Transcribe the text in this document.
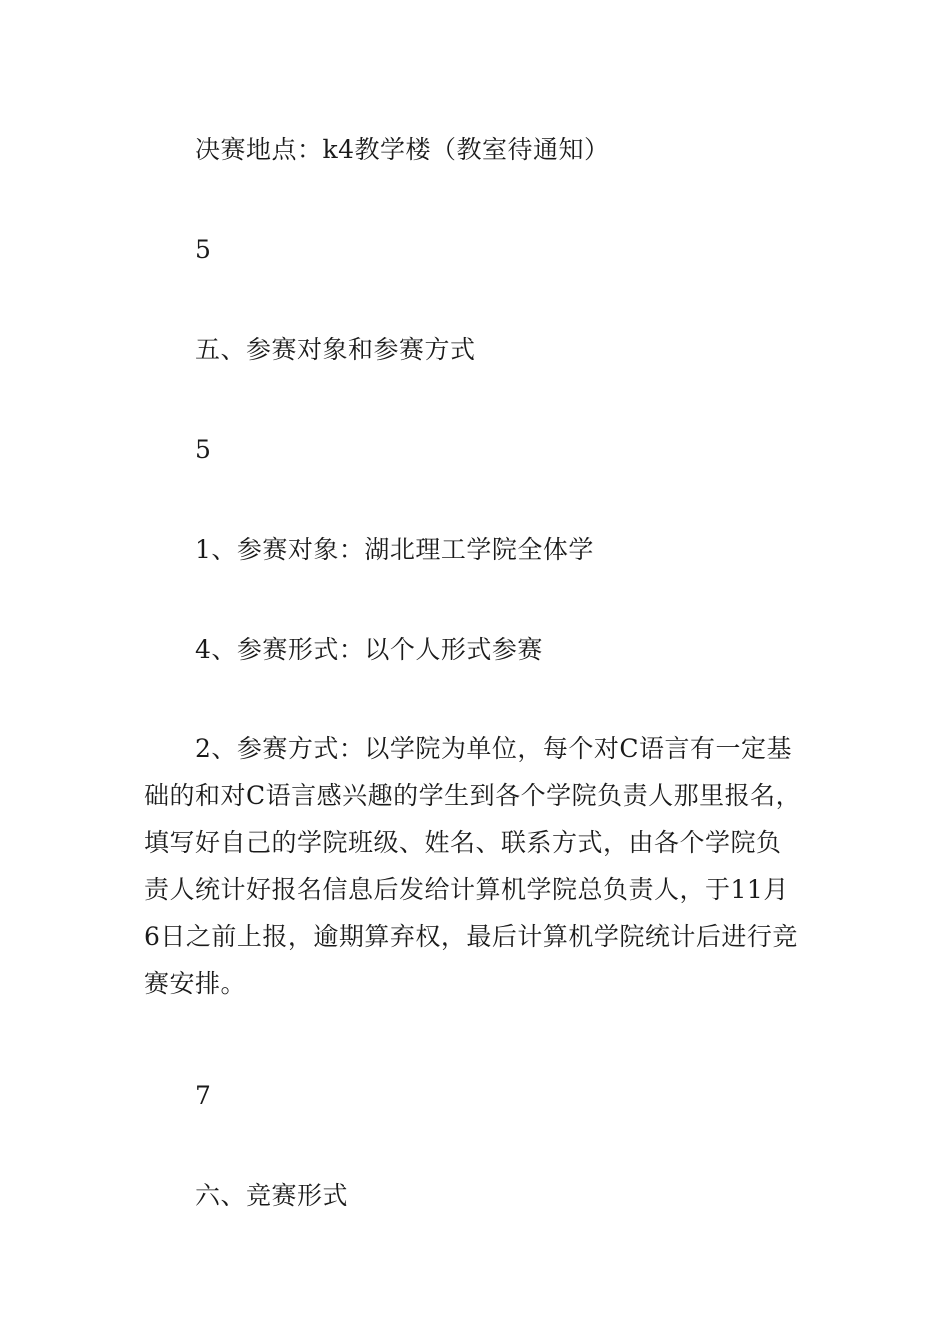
决赛地点：k4教学楼（教室待通知）
5
五、参赛对象和参赛方式
5
1、参赛对象：湖北理工学院全体学
4、参赛形式：以个人形式参赛
2、参赛方式：以学院为单位，每个对C语言有一定基
础的和对C语言感兴趣的学生到各个学院负责人那里报名，
填写好自己的学院班级、姓名、联系方式，由各个学院负
责人统计好报名信息后发给计算机学院总负责人，于11月
6日之前上报，逾期算弃权，最后计算机学院统计后进行竞
赛安排。
7
六、竞赛形式
